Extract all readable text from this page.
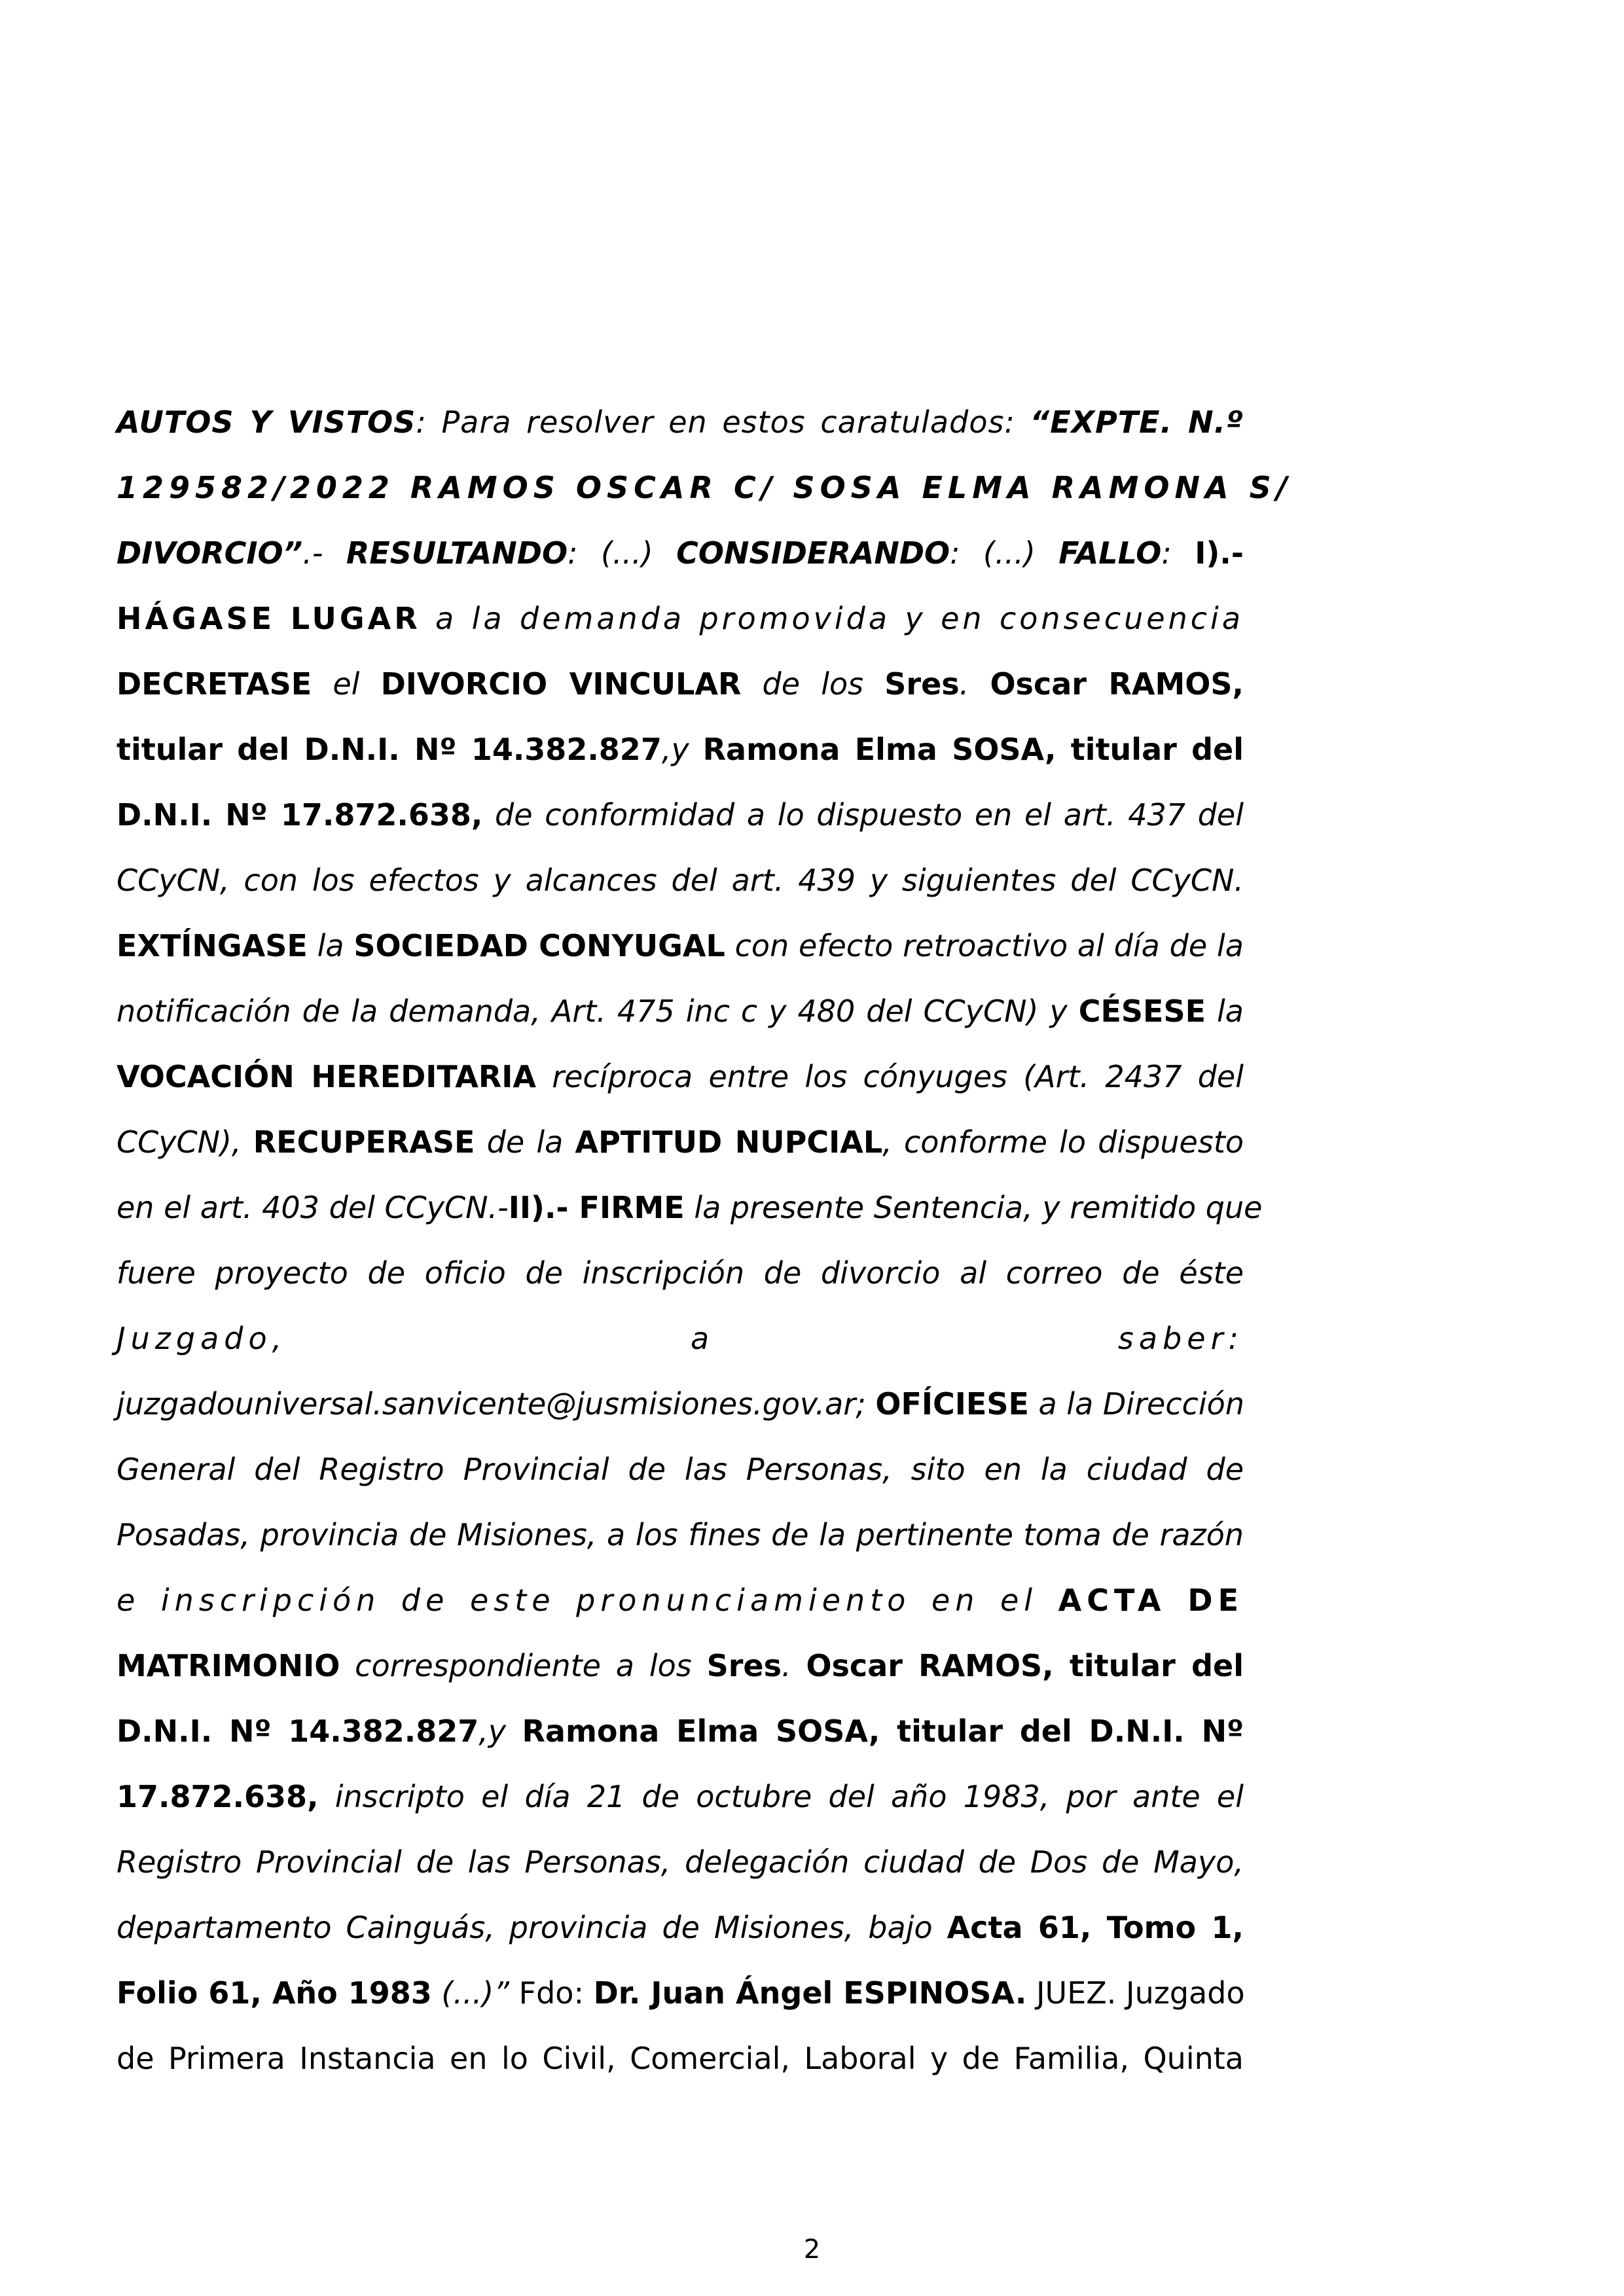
AUTOS Y VISTOS: Para resolver en estos caratulados: “EXPTE. N.º
129582/2022 RAMOS OSCAR C/ SOSA ELMA RAMONA S/
DIVORCIO”.- RESULTANDO: (...) CONSIDERANDO: (...) FALLO: I).-
HÁGASE LUGAR a la demanda promovida y en consecuencia
DECRETASE el DIVORCIO VINCULAR de los Sres. Oscar RAMOS,
titular del D.N.I. Nº 14.382.827,y Ramona Elma SOSA, titular del
D.N.I. Nº 17.872.638, de conformidad a lo dispuesto en el art. 437 del
CCyCN, con los efectos y alcances del art. 439 y siguientes del CCyCN.
EXTÍNGASE la SOCIEDAD CONYUGAL con efecto retroactivo al día de la
notificación de la demanda, Art. 475 inc c y 480 del CCyCN) y CÉSESE la
VOCACIÓN HEREDITARIA recíproca entre los cónyuges (Art. 2437 del
CCyCN), RECUPERASE de la APTITUD NUPCIAL, conforme lo dispuesto
en el art. 403 del CCyCN.-II).- FIRME la presente Sentencia, y remitido que
fuere proyecto de oficio de inscripción de divorcio al correo de éste
Juzgado, a saber:
juzgadouniversal.sanvicente@jusmisiones.gov.ar; OFÍCIESE a la Dirección
General del Registro Provincial de las Personas, sito en la ciudad de
Posadas, provincia de Misiones, a los fines de la pertinente toma de razón
e inscripción de este pronunciamiento en el ACTA DE
MATRIMONIO correspondiente a los Sres. Oscar RAMOS, titular del
D.N.I. Nº 14.382.827,y Ramona Elma SOSA, titular del D.N.I. Nº
17.872.638, inscripto el día 21 de octubre del año 1983, por ante el
Registro Provincial de las Personas, delegación ciudad de Dos de Mayo,
departamento Cainguás, provincia de Misiones, bajo Acta 61, Tomo 1,
Folio 61, Año 1983 (...)” Fdo: Dr. Juan Ángel ESPINOSA. JUEZ. Juzgado
de Primera Instancia en lo Civil, Comercial, Laboral y de Familia, Quinta
2
